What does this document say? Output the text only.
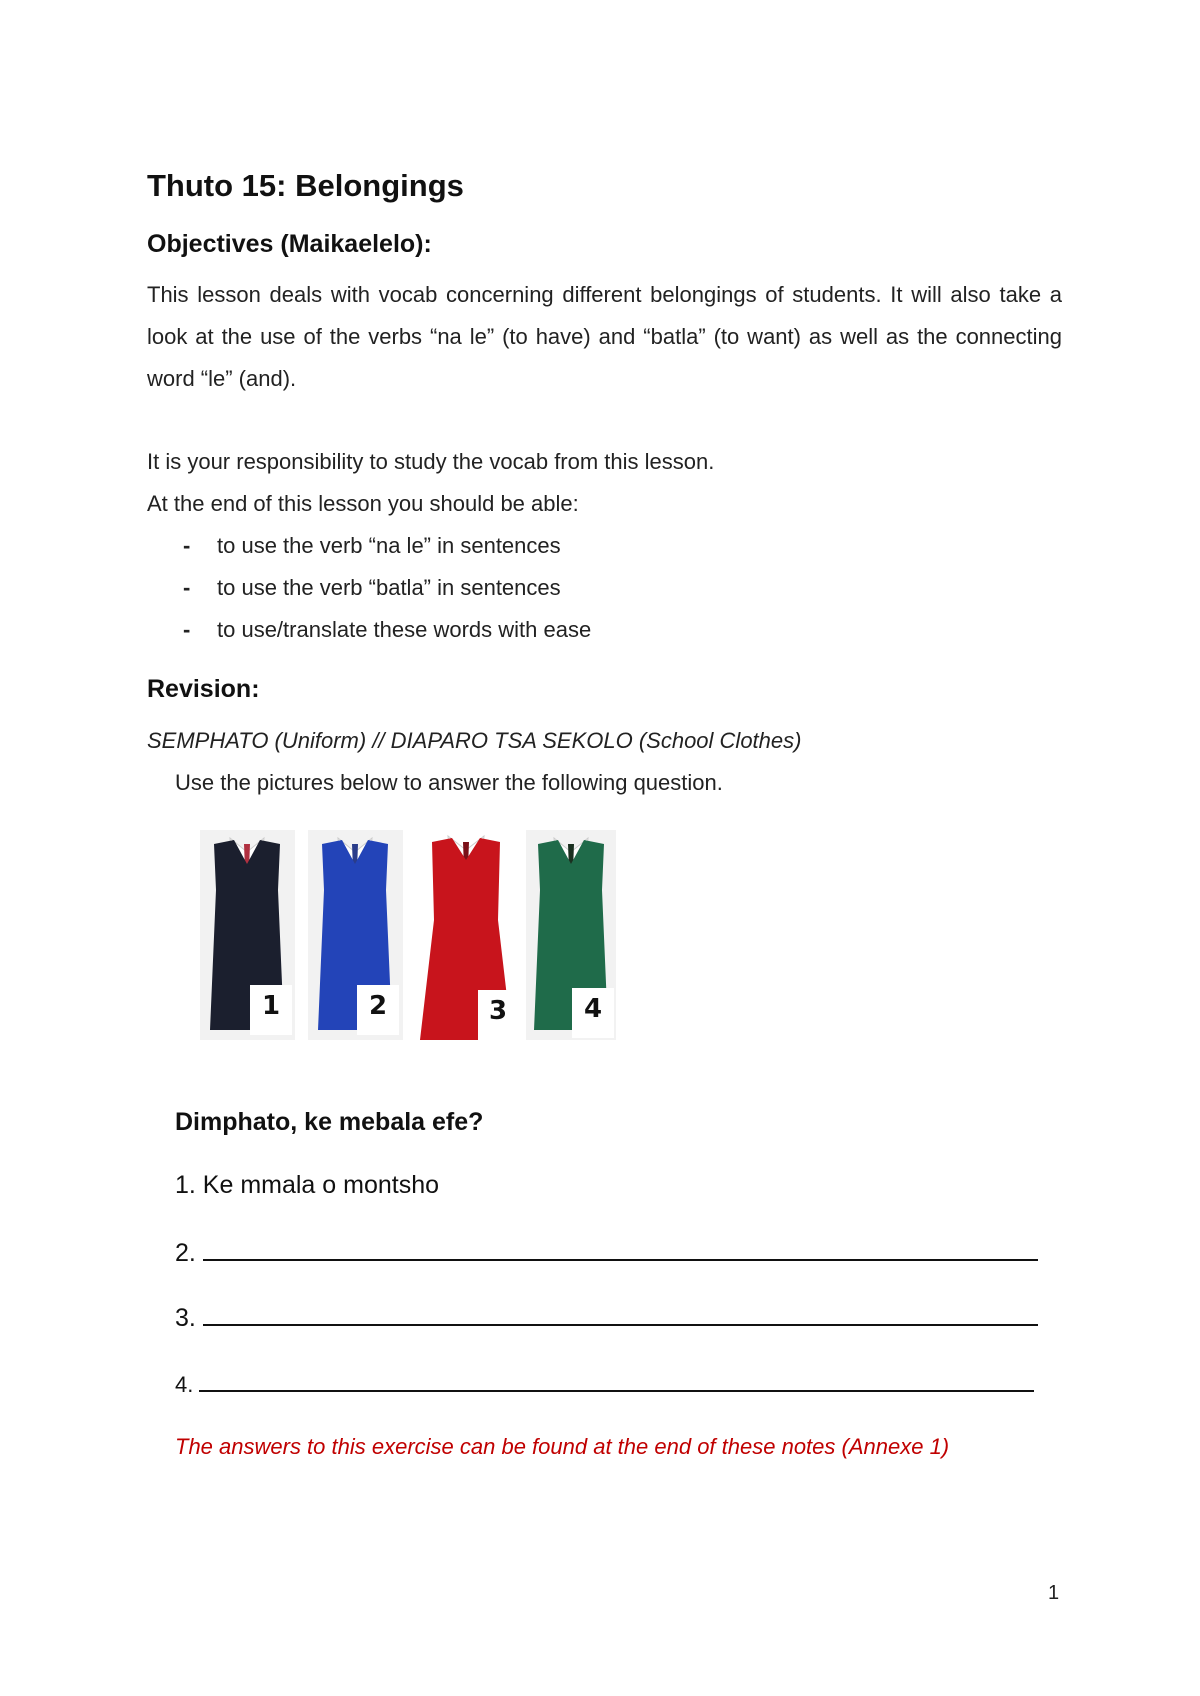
Thuto 15: Belongings
Objectives (Maikaelelo):

This lesson deals with vocab concerning different belongings of students. It will also take a look at the use of the verbs “na le” (to have) and “batla” (to want) as well as the connecting word “le” (and).

It is your responsibility to study the vocab from this lesson.

At the end of this lesson you should be able:

- to use the verb “na le” in sentences
- to use the verb “batla” in sentences
- to use/translate these words with ease
Revision:

SEMPHATO (Uniform) // DIAPARO TSA SEKOLO (School Clothes)

Use the pictures below to answer the following question.

1	2	3	4
Dimphato, ke mebala efe?
1. Ke mmala o montsho
2.
3.
4.

The answers to this exercise can be found at the end of these notes (Annexe 1)

1
